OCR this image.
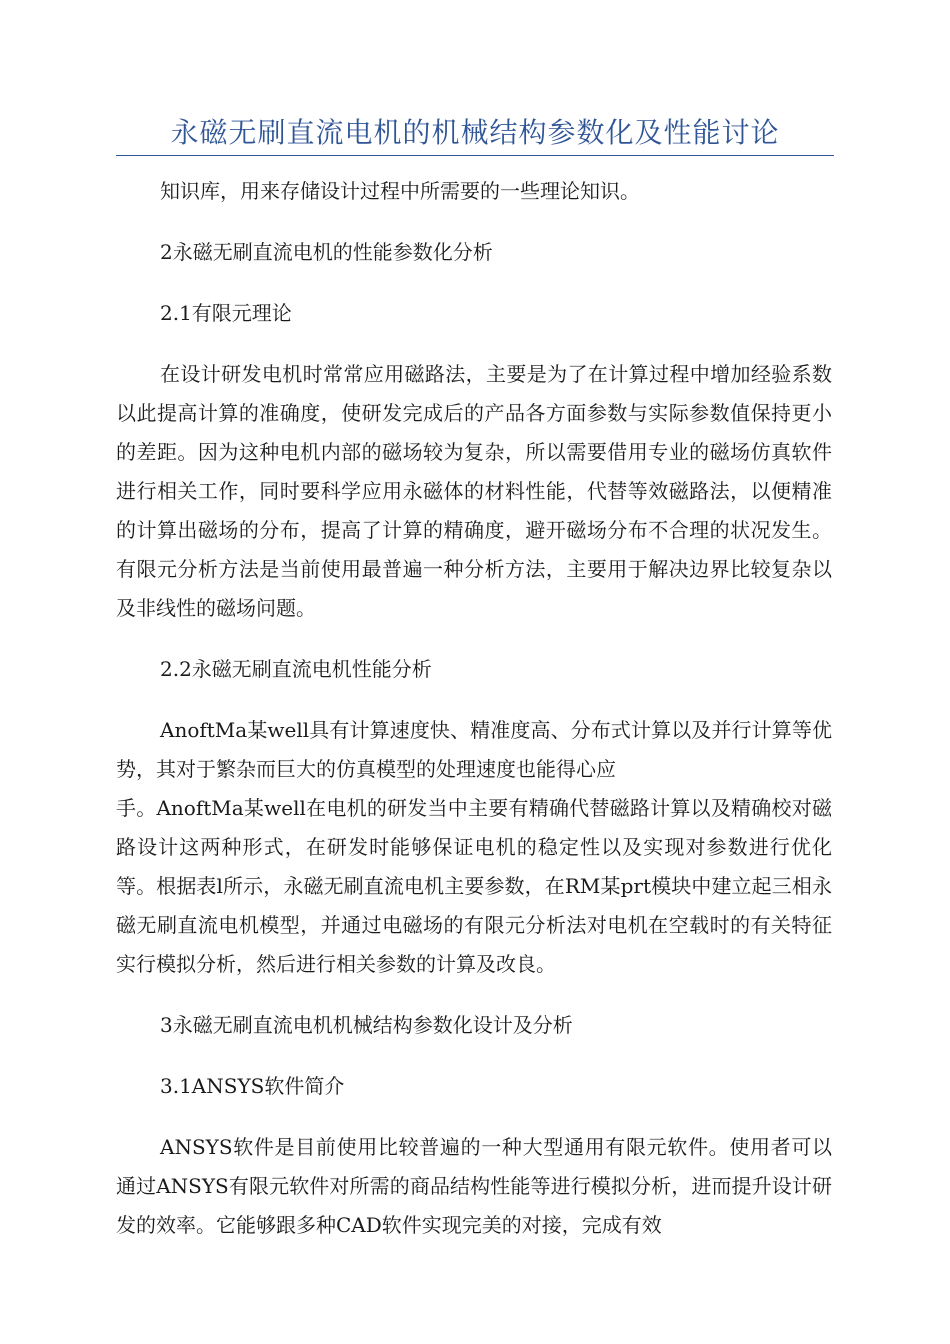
永磁无刷直流电机的机械结构参数化及性能讨论

知识库，用来存储设计过程中所需要的一些理论知识。

2永磁无刷直流电机的性能参数化分析

2.1有限元理论

在设计研发电机时常常应用磁路法，主要是为了在计算过程中增加经验系数以此提高计算的准确度，使研发完成后的产品各方面参数与实际参数值保持更小的差距。因为这种电机内部的磁场较为复杂，所以需要借用专业的磁场仿真软件进行相关工作，同时要科学应用永磁体的材料性能，代替等效磁路法，以便精准的计算出磁场的分布，提高了计算的精确度，避开磁场分布不合理的状况发生。有限元分析方法是当前使用最普遍一种分析方法，主要用于解决边界比较复杂以及非线性的磁场问题。

2.2永磁无刷直流电机性能分析

AnoftMa某well具有计算速度快、精准度高、分布式计算以及并行计算等优势，其对于繁杂而巨大的仿真模型的处理速度也能得心应

手。AnoftMa某well在电机的研发当中主要有精确代替磁路计算以及精确校对磁路设计这两种形式，在研发时能够保证电机的稳定性以及实现对参数进行优化等。根据表l所示，永磁无刷直流电机主要参数，在RM某prt模块中建立起三相永磁无刷直流电机模型，并通过电磁场的有限元分析法对电机在空载时的有关特征实行模拟分析，然后进行相关参数的计算及改良。

3永磁无刷直流电机机械结构参数化设计及分析

3.1ANSYS软件简介

ANSYS软件是目前使用比较普遍的一种大型通用有限元软件。使用者可以通过ANSYS有限元软件对所需的商品结构性能等进行模拟分析，进而提升设计研发的效率。它能够跟多种CAD软件实现完美的对接，完成有效
